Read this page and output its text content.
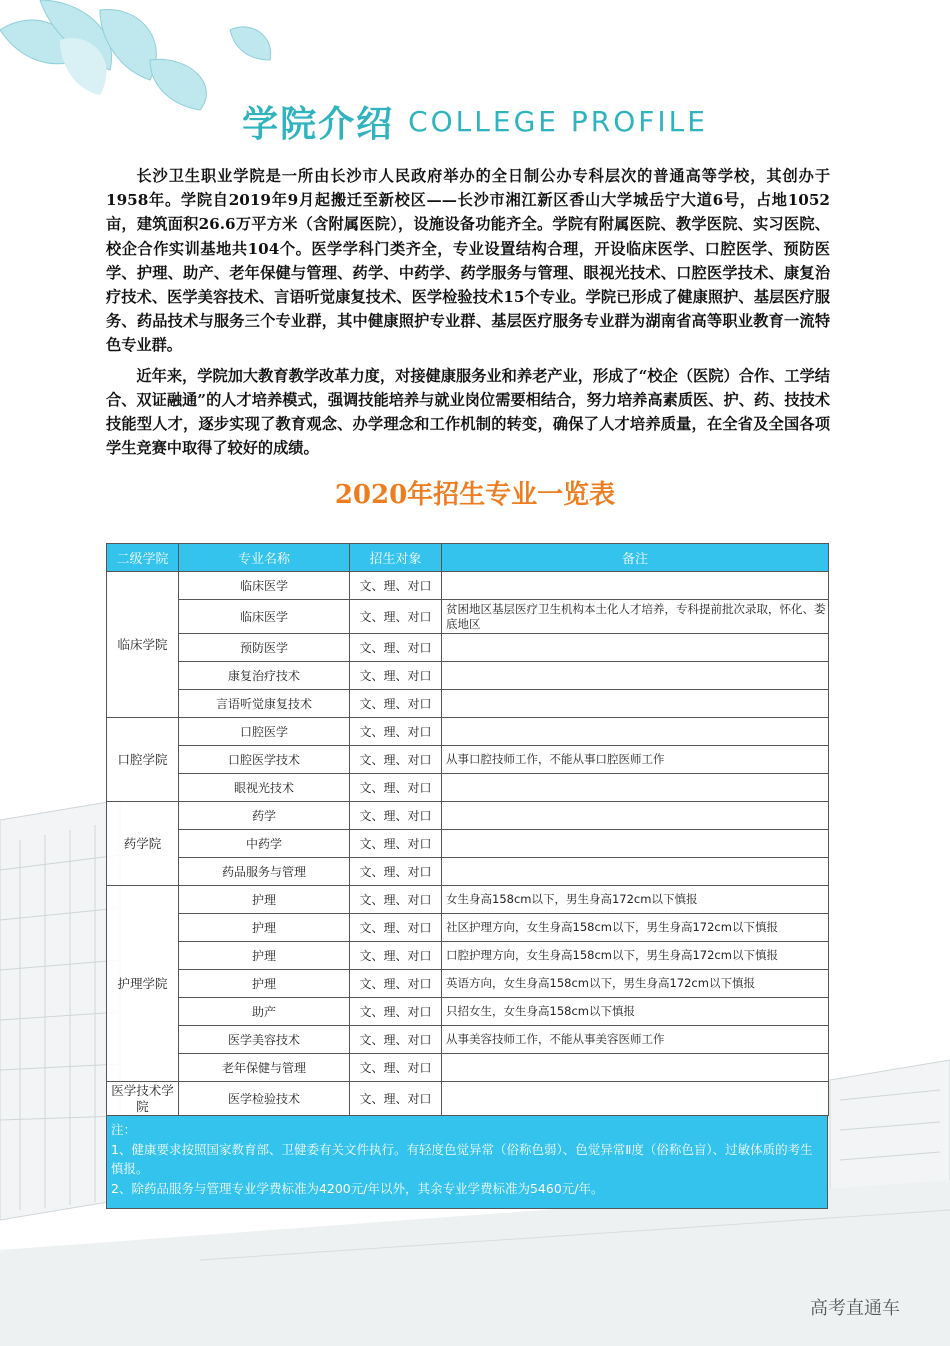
学院介绍 COLLEGE PROFILE

长沙卫生职业学院是一所由长沙市人民政府举办的全日制公办专科层次的普通高等学校，其创办于1958年。学院自2019年9月起搬迁至新校区——长沙市湘江新区香山大学城岳宁大道6号，占地1052亩，建筑面积26.6万平方米（含附属医院），设施设备功能齐全。学院有附属医院、教学医院、实习医院、校企合作实训基地共104个。医学学科门类齐全，专业设置结构合理，开设临床医学、口腔医学、预防医学、护理、助产、老年保健与管理、药学、中药学、药学服务与管理、眼视光技术、口腔医学技术、康复治疗技术、医学美容技术、言语听觉康复技术、医学检验技术15个专业。学院已形成了健康照护、基层医疗服务、药品技术与服务三个专业群，其中健康照护专业群、基层医疗服务专业群为湖南省高等职业教育一流特色专业群。

近年来，学院加大教育教学改革力度，对接健康服务业和养老产业，形成了“校企（医院）合作、工学结合、双证融通”的人才培养模式，强调技能培养与就业岗位需要相结合，努力培养高素质医、护、药、技技术技能型人才，逐步实现了教育观念、办学理念和工作机制的转变，确保了人才培养质量，在全省及全国各项学生竞赛中取得了较好的成绩。

2020年招生专业一览表
二级学院	专业名称	招生对象	备注
临床学院	临床医学	文、理、对口	
	临床医学	文、理、对口	贫困地区基层医疗卫生机构本土化人才培养，专科提前批次录取，怀化、娄底地区
	预防医学	文、理、对口	
	康复治疗技术	文、理、对口	
	言语听觉康复技术	文、理、对口	
口腔学院	口腔医学	文、理、对口	
	口腔医学技术	文、理、对口	从事口腔技师工作，不能从事口腔医师工作
	眼视光技术	文、理、对口	
药学院	药学	文、理、对口	
	中药学	文、理、对口	
	药品服务与管理	文、理、对口	
护理学院	护理	文、理、对口	女生身高158cm以下，男生身高172cm以下慎报
	护理	文、理、对口	社区护理方向，女生身高158cm以下，男生身高172cm以下慎报
	护理	文、理、对口	口腔护理方向，女生身高158cm以下，男生身高172cm以下慎报
	护理	文、理、对口	英语方向，女生身高158cm以下，男生身高172cm以下慎报
	助产	文、理、对口	只招女生，女生身高158cm以下慎报
	医学美容技术	文、理、对口	从事美容技师工作，不能从事美容医师工作
	老年保健与管理	文、理、对口	
医学技术学院	医学检验技术	文、理、对口	
注：
1、健康要求按照国家教育部、卫健委有关文件执行。有轻度色觉异常（俗称色弱）、色觉异常Ⅱ度（俗称色盲）、过敏体质的考生慎报。
2、除药品服务与管理专业学费标准为4200元/年以外，其余专业学费标准为5460元/年。
高考直通车
